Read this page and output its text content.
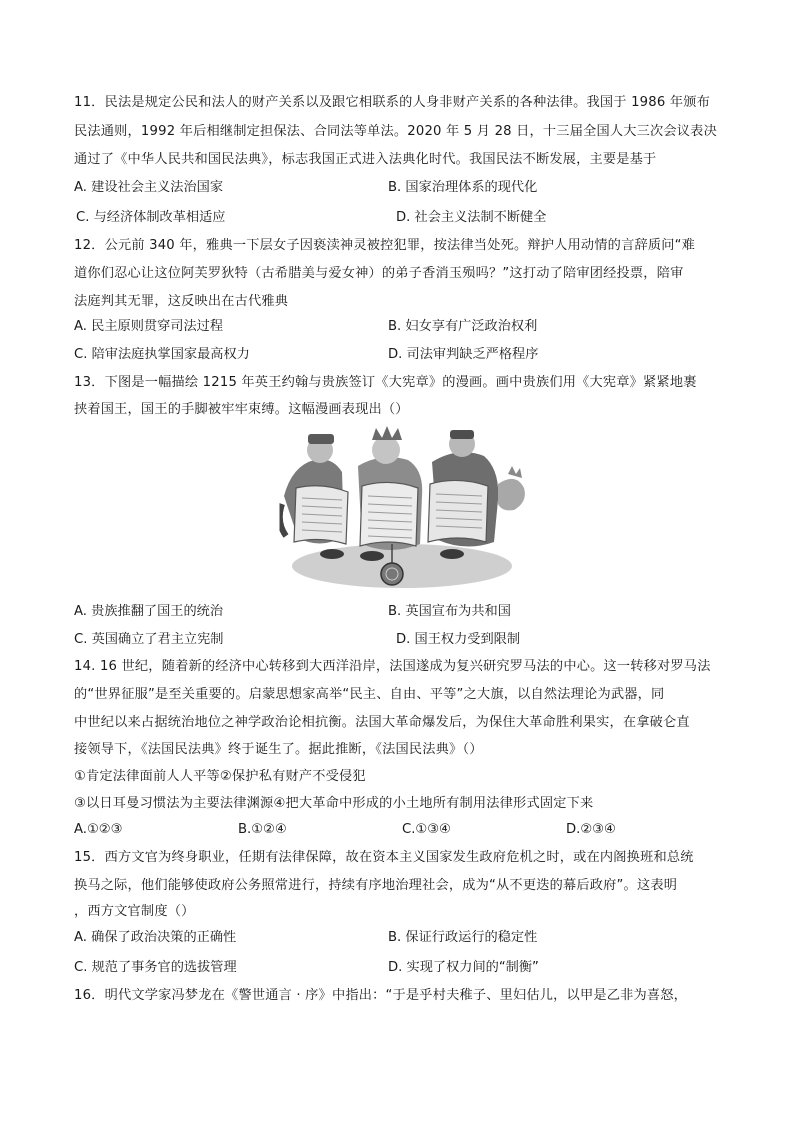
11．民法是规定公民和法人的财产关系以及跟它相联系的人身非财产关系的各种法律。我国于 1986 年颁布
民法通则，1992 年后相继制定担保法、合同法等单法。2020 年 5 月 28 日，十三届全国人大三次会议表决
通过了《中华人民共和国民法典》，标志我国正式进入法典化时代。我国民法不断发展，主要是基于
A. 建设社会主义法治国家	B. 国家治理体系的现代化
C. 与经济体制改革相适应	D. 社会主义法制不断健全
12．公元前 340 年，雅典一下层女子因亵渎神灵被控犯罪，按法律当处死。辩护人用动情的言辞质问“难
道你们忍心让这位阿芙罗狄特（古希腊美与爱女神）的弟子香消玉殒吗？”这打动了陪审团经投票，陪审
法庭判其无罪，这反映出在古代雅典
A. 民主原则贯穿司法过程	B. 妇女享有广泛政治权利
C. 陪审法庭执掌国家最高权力	D. 司法审判缺乏严格程序
13．下图是一幅描绘 1215 年英王约翰与贵族签订《大宪章》的漫画。画中贵族们用《大宪章》紧紧地裹
挟着国王，国王的手脚被牢牢束缚。这幅漫画表现出（）
A. 贵族推翻了国王的统治	B. 英国宣布为共和国
C. 英国确立了君主立宪制	D. 国王权力受到限制
14. 16 世纪，随着新的经济中心转移到大西洋沿岸，法国遂成为复兴研究罗马法的中心。这一转移对罗马法
的“世界征服”是至关重要的。启蒙思想家高举“民主、自由、平等”之大旗，以自然法理论为武器，同
中世纪以来占据统治地位之神学政治论相抗衡。法国大革命爆发后，为保住大革命胜利果实，在拿破仑直
接领导下，《法国民法典》终于诞生了。据此推断，《法国民法典》（）
①肯定法律面前人人平等②保护私有财产不受侵犯
③以日耳曼习惯法为主要法律渊源④把大革命中形成的小土地所有制用法律形式固定下来
A.①②③	B.①②④	C.①③④	D.②③④
15．西方文官为终身职业，任期有法律保障，故在资本主义国家发生政府危机之时，或在内阁换班和总统
换马之际，他们能够使政府公务照常进行，持续有序地治理社会，成为“从不更迭的幕后政府”。这表明
，西方文官制度（）
A. 确保了政治决策的正确性	B. 保证行政运行的稳定性
C. 规范了事务官的选拔管理	D. 实现了权力间的“制衡”
16．明代文学家冯梦龙在《警世通言 · 序》中指出：“于是乎村夫稚子、里妇估儿，以甲是乙非为喜怒，
